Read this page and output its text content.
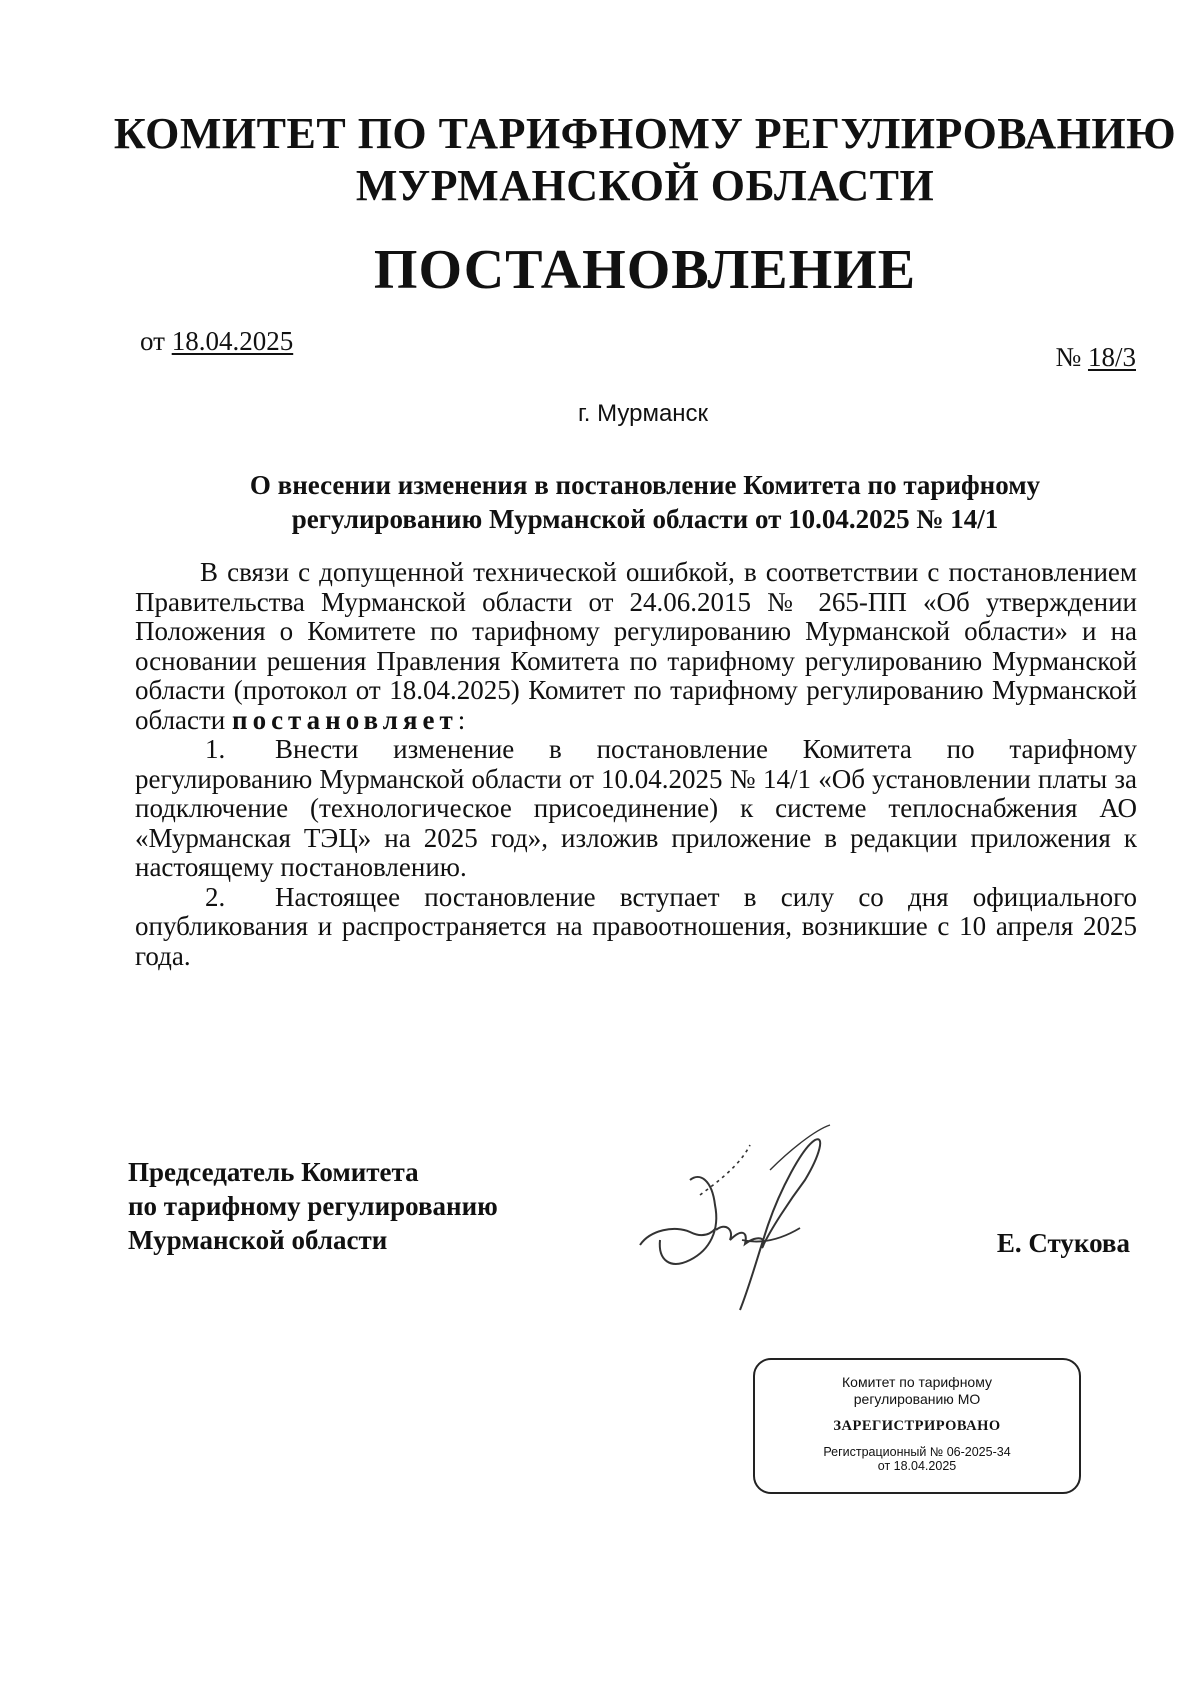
КОМИТЕТ ПО ТАРИФНОМУ РЕГУЛИРОВАНИЮ
МУРМАНСКОЙ ОБЛАСТИ
ПОСТАНОВЛЕНИЕ
от 18.04.2025
№ 18/3
г. Мурманск
О внесении изменения в постановление Комитета по тарифному
регулированию Мурманской области от 10.04.2025 № 14/1

В связи с допущенной технической ошибкой, в соответствии с постановлением Правительства Мурманской области от 24.06.2015 № 265-ПП «Об утверждении Положения о Комитете по тарифному регулированию Мурманской области» и на основании решения Правления Комитета по тарифному регулированию Мурманской области (протокол от 18.04.2025) Комитет по тарифному регулированию Мурманской области постановляет:

1. Внести изменение в постановление Комитета по тарифному регулированию Мурманской области от 10.04.2025 № 14/1 «Об установлении платы за подключение (технологическое присоединение) к системе теплоснабжения АО «Мурманская ТЭЦ» на 2025 год», изложив приложение в редакции приложения к настоящему постановлению.

2. Настоящее постановление вступает в силу со дня официального опубликования и распространяется на правоотношения, возникшие с 10 апреля 2025 года.

Председатель Комитета
по тарифному регулированию
Мурманской области	Е. Стукова
Комитет по тарифному
регулированию МО
ЗАРЕГИСТРИРОВАНО
Регистрационный № 06-2025-34
от 18.04.2025
